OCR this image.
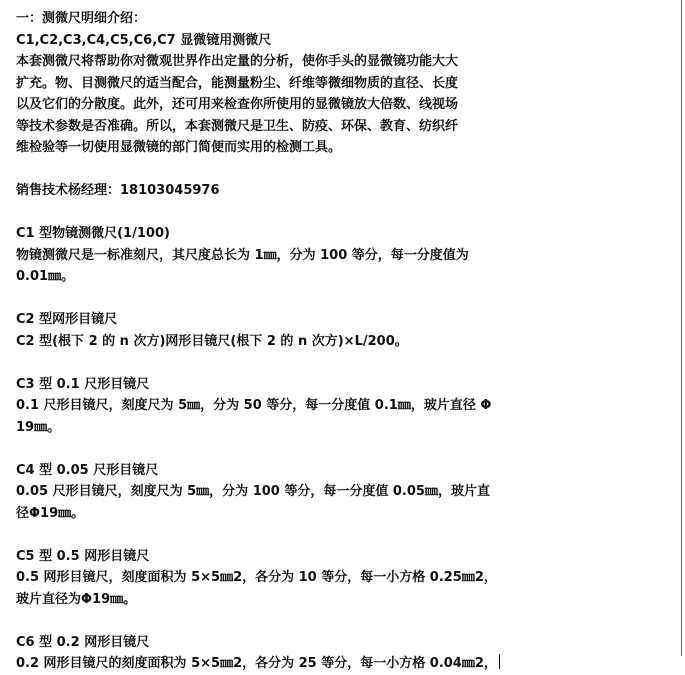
一：测微尺明细介绍：
C1,C2,C3,C4,C5,C6,C7 显微镜用测微尺
本套测微尺将帮助你对微观世界作出定量的分析，使你手头的显微镜功能大大
扩充。物、目测微尺的适当配合，能测量粉尘、纤维等微细物质的直径、长度
以及它们的分散度。此外，还可用来检查你所使用的显微镜放大倍数、线视场
等技术参数是否准确。所以，本套测微尺是卫生、防疫、环保、教育、纺织纤
维检验等一切使用显微镜的部门简便而实用的检测工具。
销售技术杨经理：18103045976
C1 型物镜测微尺(1/100)
物镜测微尺是一标准刻尺，其尺度总长为 1㎜，分为 100 等分，每一分度值为
0.01㎜。
C2 型网形目镜尺
C2 型(根下 2 的 n 次方)网形目镜尺(根下 2 的 n 次方)×L/200。
C3 型 0.1 尺形目镜尺
0.1 尺形目镜尺，刻度尺为 5㎜，分为 50 等分，每一分度值 0.1㎜，玻片直径 Φ
19㎜。
C4 型 0.05 尺形目镜尺
0.05 尺形目镜尺，刻度尺为 5㎜，分为 100 等分，每一分度值 0.05㎜，玻片直
径Φ19㎜。
C5 型 0.5 网形目镜尺
0.5 网形目镜尺，刻度面积为 5×5㎜2，各分为 10 等分，每一小方格 0.25㎜2，
玻片直径为Φ19㎜。
C6 型 0.2 网形目镜尺
0.2 网形目镜尺的刻度面积为 5×5㎜2，各分为 25 等分，每一小方格 0.04㎜2，
